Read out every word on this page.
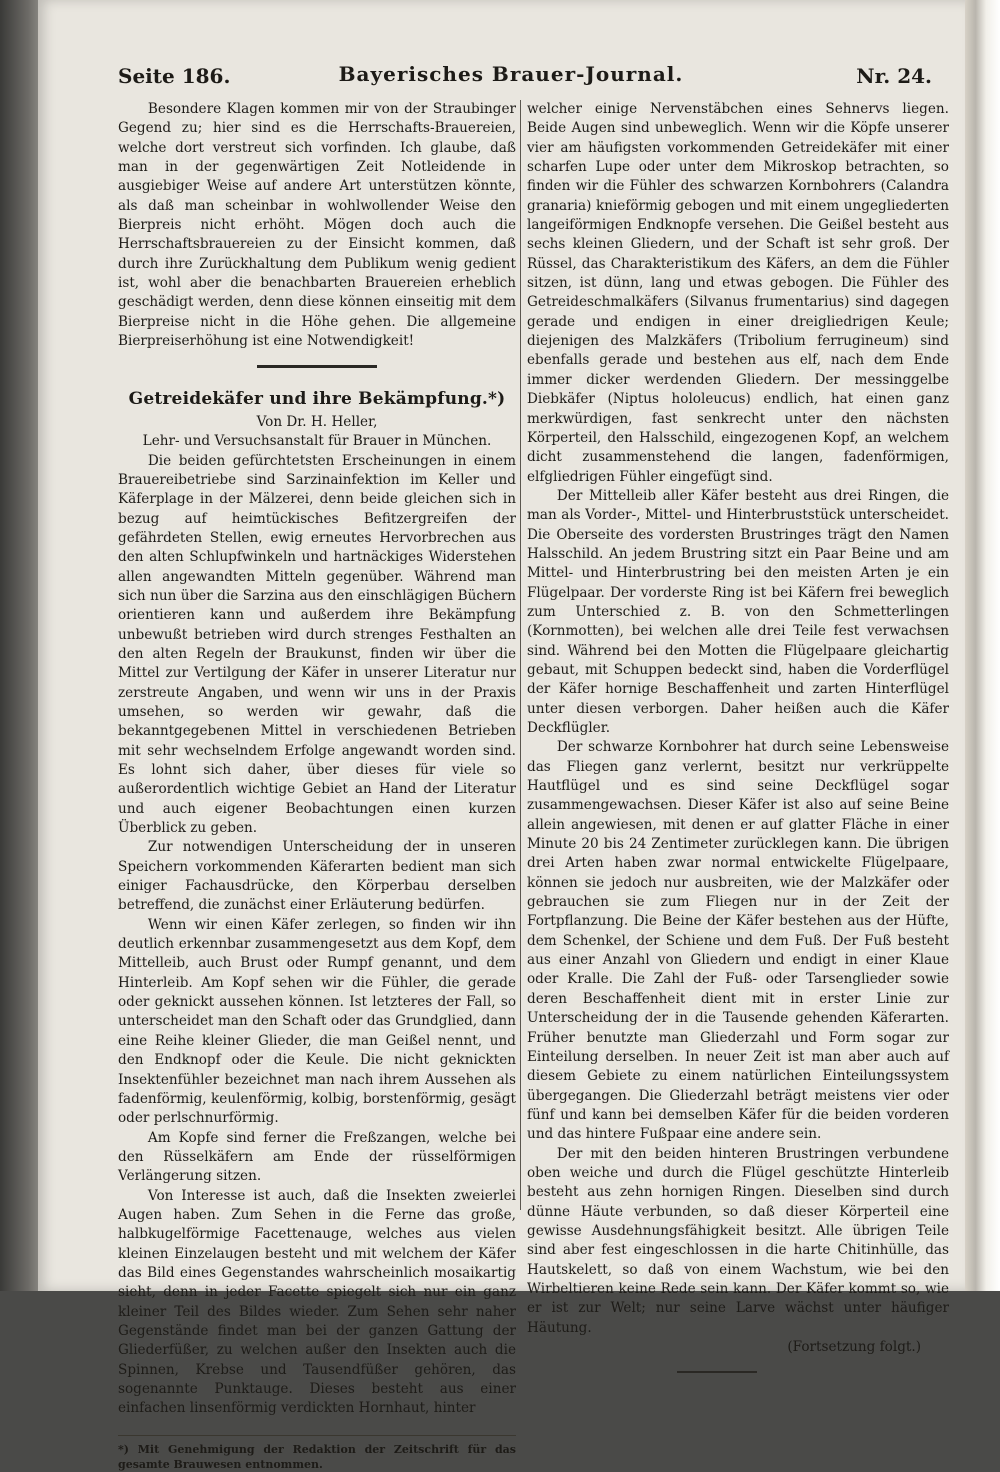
Seite 186.	Bayerisches Brauer-Journal.	Nr. 24.

Besondere Klagen kommen mir von der Straubinger Gegend zu; hier sind es die Herrschafts-Brauereien, welche dort verstreut sich vorfinden. Ich glaube, daß man in der gegenwärtigen Zeit Notleidende in ausgiebiger Weise auf andere Art unterstützen könnte, als daß man scheinbar in wohlwollender Weise den Bierpreis nicht erhöht. Mögen doch auch die Herrschaftsbrauereien zu der Einsicht kommen, daß durch ihre Zurückhaltung dem Publikum wenig gedient ist, wohl aber die benachbarten Brauereien erheblich geschädigt werden, denn diese können einseitig mit dem Bierpreise nicht in die Höhe gehen. Die allgemeine Bierpreiserhöhung ist eine Notwendigkeit!

Getreidekäfer und ihre Bekämpfung.*)

Von Dr. H. Heller,

Lehr- und Versuchsanstalt für Brauer in München.

Die beiden gefürchtetsten Erscheinungen in einem Brauereibetriebe sind Sarzinainfektion im Keller und Käferplage in der Mälzerei, denn beide gleichen sich in bezug auf heimtückisches Befitzergreifen der gefährdeten Stellen, ewig erneutes Hervorbrechen aus den alten Schlupfwinkeln und hartnäckiges Widerstehen allen angewandten Mitteln gegenüber. Während man sich nun über die Sarzina aus den einschlägigen Büchern orientieren kann und außerdem ihre Bekämpfung unbewußt betrieben wird durch strenges Festhalten an den alten Regeln der Braukunst, finden wir über die Mittel zur Vertilgung der Käfer in unserer Literatur nur zerstreute Angaben, und wenn wir uns in der Praxis umsehen, so werden wir gewahr, daß die bekanntgegebenen Mittel in verschiedenen Betrieben mit sehr wechselndem Erfolge angewandt worden sind. Es lohnt sich daher, über dieses für viele so außerordentlich wichtige Gebiet an Hand der Literatur und auch eigener Beobachtungen einen kurzen Überblick zu geben.

Zur notwendigen Unterscheidung der in unseren Speichern vorkommenden Käferarten bedient man sich einiger Fachausdrücke, den Körperbau derselben betreffend, die zunächst einer Erläuterung bedürfen.

Wenn wir einen Käfer zerlegen, so finden wir ihn deutlich erkennbar zusammengesetzt aus dem Kopf, dem Mittelleib, auch Brust oder Rumpf genannt, und dem Hinterleib. Am Kopf sehen wir die Fühler, die gerade oder geknickt aussehen können. Ist letzteres der Fall, so unterscheidet man den Schaft oder das Grundglied, dann eine Reihe kleiner Glieder, die man Geißel nennt, und den Endknopf oder die Keule. Die nicht geknickten Insektenfühler bezeichnet man nach ihrem Aussehen als fadenförmig, keulenförmig, kolbig, borstenförmig, gesägt oder perlschnurförmig.

Am Kopfe sind ferner die Freßzangen, welche bei den Rüsselkäfern am Ende der rüsselförmigen Verlängerung sitzen.

Von Interesse ist auch, daß die Insekten zweierlei Augen haben. Zum Sehen in die Ferne das große, halbkugelförmige Facettenauge, welches aus vielen kleinen Einzelaugen besteht und mit welchem der Käfer das Bild eines Gegenstandes wahrscheinlich mosaikartig sieht, denn in jeder Facette spiegelt sich nur ein ganz kleiner Teil des Bildes wieder. Zum Sehen sehr naher Gegenstände findet man bei der ganzen Gattung der Gliederfüßer, zu welchen außer den Insekten auch die Spinnen, Krebse und Tausendfüßer gehören, das sogenannte Punktauge. Dieses besteht aus einer einfachen linsenförmig verdickten Hornhaut, hinter

*) Mit Genehmigung der Redaktion der Zeitschrift für das gesamte Brauwesen entnommen.

welcher einige Nervenstäbchen eines Sehnervs liegen. Beide Augen sind unbeweglich. Wenn wir die Köpfe unserer vier am häufigsten vorkommenden Getreidekäfer mit einer scharfen Lupe oder unter dem Mikroskop betrachten, so finden wir die Fühler des schwarzen Kornbohrers (Calandra granaria) knieförmig gebogen und mit einem ungegliederten langeiförmigen Endknopfe versehen. Die Geißel besteht aus sechs kleinen Gliedern, und der Schaft ist sehr groß. Der Rüssel, das Charakteristikum des Käfers, an dem die Fühler sitzen, ist dünn, lang und etwas gebogen. Die Fühler des Getreideschmalkäfers (Silvanus frumentarius) sind dagegen gerade und endigen in einer dreigliedrigen Keule; diejenigen des Malzkäfers (Tribolium ferrugineum) sind ebenfalls gerade und bestehen aus elf, nach dem Ende immer dicker werdenden Gliedern. Der messinggelbe Diebkäfer (Niptus hololeucus) endlich, hat einen ganz merkwürdigen, fast senkrecht unter den nächsten Körperteil, den Halsschild, eingezogenen Kopf, an welchem dicht zusammenstehend die langen, fadenförmigen, elfgliedrigen Fühler eingefügt sind.

Der Mittelleib aller Käfer besteht aus drei Ringen, die man als Vorder-, Mittel- und Hinterbruststück unterscheidet. Die Oberseite des vordersten Brustringes trägt den Namen Halsschild. An jedem Brustring sitzt ein Paar Beine und am Mittel- und Hinterbrustring bei den meisten Arten je ein Flügelpaar. Der vorderste Ring ist bei Käfern frei beweglich zum Unterschied z. B. von den Schmetterlingen (Kornmotten), bei welchen alle drei Teile fest verwachsen sind. Während bei den Motten die Flügelpaare gleichartig gebaut, mit Schuppen bedeckt sind, haben die Vorderflügel der Käfer hornige Beschaffenheit und zarten Hinterflügel unter diesen verborgen. Daher heißen auch die Käfer Deckflügler.

Der schwarze Kornbohrer hat durch seine Lebensweise das Fliegen ganz verlernt, besitzt nur verkrüppelte Hautflügel und es sind seine Deckflügel sogar zusammengewachsen. Dieser Käfer ist also auf seine Beine allein angewiesen, mit denen er auf glatter Fläche in einer Minute 20 bis 24 Zentimeter zurücklegen kann. Die übrigen drei Arten haben zwar normal entwickelte Flügelpaare, können sie jedoch nur ausbreiten, wie der Malzkäfer oder gebrauchen sie zum Fliegen nur in der Zeit der Fortpflanzung. Die Beine der Käfer bestehen aus der Hüfte, dem Schenkel, der Schiene und dem Fuß. Der Fuß besteht aus einer Anzahl von Gliedern und endigt in einer Klaue oder Kralle. Die Zahl der Fuß- oder Tarsenglieder sowie deren Beschaffenheit dient mit in erster Linie zur Unterscheidung der in die Tausende gehenden Käferarten. Früher benutzte man Gliederzahl und Form sogar zur Einteilung derselben. In neuer Zeit ist man aber auch auf diesem Gebiete zu einem natürlichen Einteilungssystem übergegangen. Die Gliederzahl beträgt meistens vier oder fünf und kann bei demselben Käfer für die beiden vorderen und das hintere Fußpaar eine andere sein.

Der mit den beiden hinteren Brustringen verbundene oben weiche und durch die Flügel geschützte Hinterleib besteht aus zehn hornigen Ringen. Dieselben sind durch dünne Häute verbunden, so daß dieser Körperteil eine gewisse Ausdehnungsfähigkeit besitzt. Alle übrigen Teile sind aber fest eingeschlossen in die harte Chitinhülle, das Hautskelett, so daß von einem Wachstum, wie bei den Wirbeltieren keine Rede sein kann. Der Käfer kommt so, wie er ist zur Welt; nur seine Larve wächst unter häufiger Häutung.

(Fortsetzung folgt.)
